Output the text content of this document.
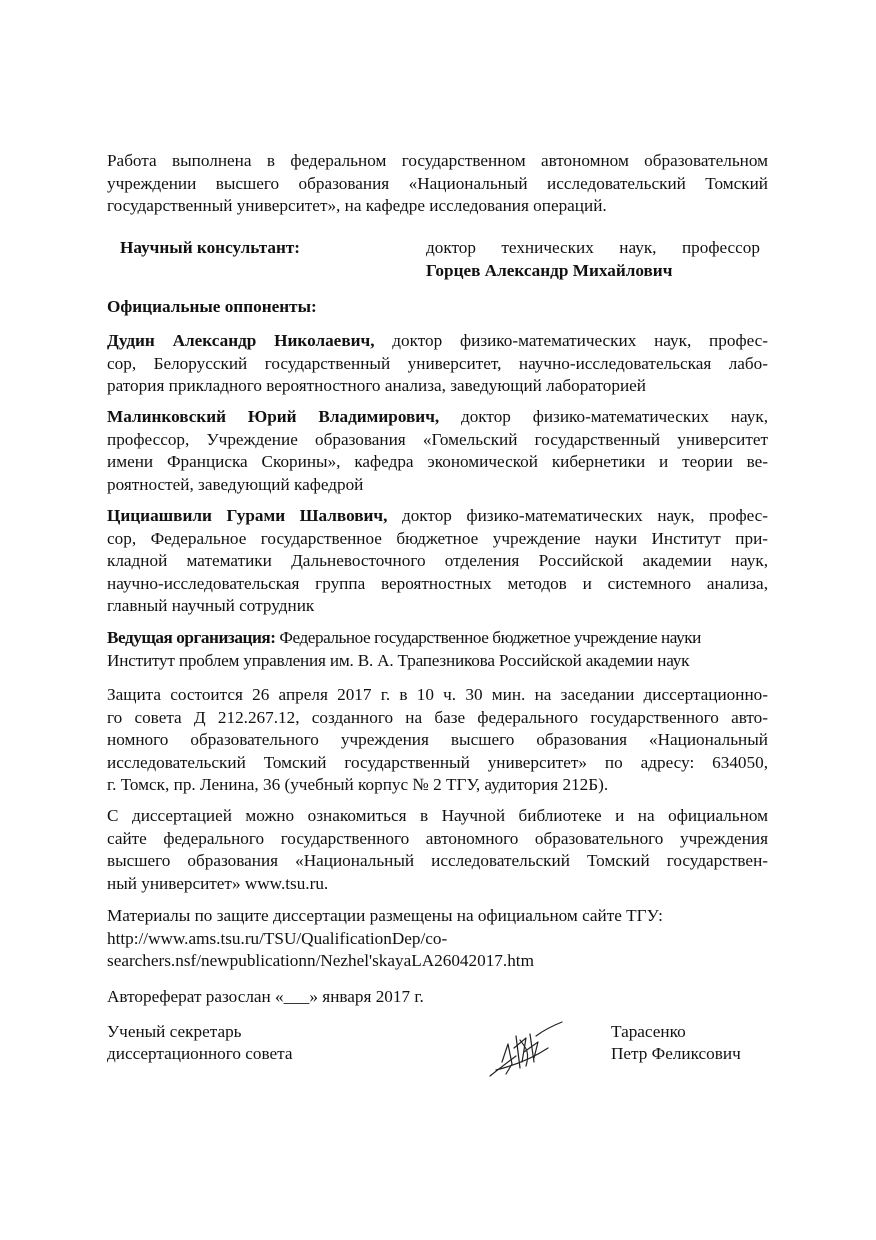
Работа выполнена в федеральном государственном автономном образовательном
учреждении высшего образования «Национальный исследовательский Томский
государственный университет», на кафедре исследования операций.
Научный консультант:	доктор технических наук, профессор
Горцев Александр Михайлович
Официальные оппоненты:
Дудин Александр Николаевич, доктор физико-математических наук, профес-
сор, Белорусский государственный университет, научно-исследовательская лабо-
ратория прикладного вероятностного анализа, заведующий лабораторией
Малинковский Юрий Владимирович, доктор физико-математических наук,
профессор, Учреждение образования «Гомельский государственный университет
имени Франциска Скорины», кафедра экономической кибернетики и теории ве-
роятностей, заведующий кафедрой
Цициашвили Гурами Шалвович, доктор физико-математических наук, профес-
сор, Федеральное государственное бюджетное учреждение науки Институт при-
кладной математики Дальневосточного отделения Российской академии наук,
научно-исследовательская группа вероятностных методов и системного анализа,
главный научный сотрудник
Ведущая организация: Федеральное государственное бюджетное учреждение науки
Институт проблем управления им. В. А. Трапезникова Российской академии наук
Защита состоится 26 апреля 2017 г. в 10 ч. 30 мин. на заседании диссертационно-
го совета Д 212.267.12, созданного на базе федерального государственного авто-
номного образовательного учреждения высшего образования «Национальный
исследовательский Томский государственный университет» по адресу: 634050,
г. Томск, пр. Ленина, 36 (учебный корпус № 2 ТГУ, аудитория 212Б).
С диссертацией можно ознакомиться в Научной библиотеке и на официальном
сайте федерального государственного автономного образовательного учреждения
высшего образования «Национальный исследовательский Томский государствен-
ный университет» www.tsu.ru.
Материалы по защите диссертации размещены на официальном сайте ТГУ:
http://www.ams.tsu.ru/TSU/QualificationDep/co-
searchers.nsf/newpublicationn/Nezhel'skayaLA26042017.htm
Автореферат разослан «___» января 2017 г.
Ученый секретарь
диссертационного совета
Тарасенко
Петр Феликсович
